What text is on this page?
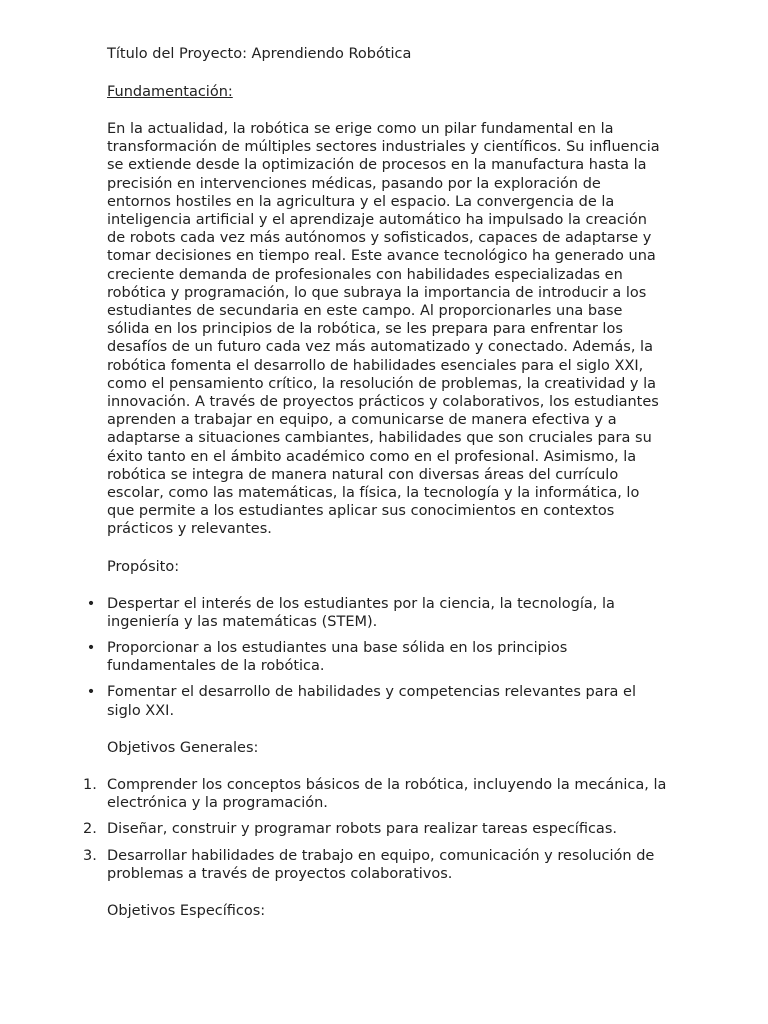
Título del Proyecto: Aprendiendo Robótica

Fundamentación:

En la actualidad, la robótica se erige como un pilar fundamental en la transformación de múltiples sectores industriales y científicos. Su influencia se extiende desde la optimización de procesos en la manufactura hasta la precisión en intervenciones médicas, pasando por la exploración de entornos hostiles en la agricultura y el espacio. La convergencia de la inteligencia artificial y el aprendizaje automático ha impulsado la creación de robots cada vez más autónomos y sofisticados, capaces de adaptarse y tomar decisiones en tiempo real. Este avance tecnológico ha generado una creciente demanda de profesionales con habilidades especializadas en robótica y programación, lo que subraya la importancia de introducir a los estudiantes de secundaria en este campo. Al proporcionarles una base sólida en los principios de la robótica, se les prepara para enfrentar los desafíos de un futuro cada vez más automatizado y conectado. Además, la robótica fomenta el desarrollo de habilidades esenciales para el siglo XXI, como el pensamiento crítico, la resolución de problemas, la creatividad y la innovación. A través de proyectos prácticos y colaborativos, los estudiantes aprenden a trabajar en equipo, a comunicarse de manera efectiva y a adaptarse a situaciones cambiantes, habilidades que son cruciales para su éxito tanto en el ámbito académico como en el profesional. Asimismo, la robótica se integra de manera natural con diversas áreas del currículo escolar, como las matemáticas, la física, la tecnología y la informática, lo que permite a los estudiantes aplicar sus conocimientos en contextos prácticos y relevantes.

Propósito:

• Despertar el interés de los estudiantes por la ciencia, la tecnología, la ingeniería y las matemáticas (STEM).
• Proporcionar a los estudiantes una base sólida en los principios fundamentales de la robótica.
• Fomentar el desarrollo de habilidades y competencias relevantes para el siglo XXI.

Objetivos Generales:

1. Comprender los conceptos básicos de la robótica, incluyendo la mecánica, la electrónica y la programación.
2. Diseñar, construir y programar robots para realizar tareas específicas.
3. Desarrollar habilidades de trabajo en equipo, comunicación y resolución de problemas a través de proyectos colaborativos.

Objetivos Específicos:
